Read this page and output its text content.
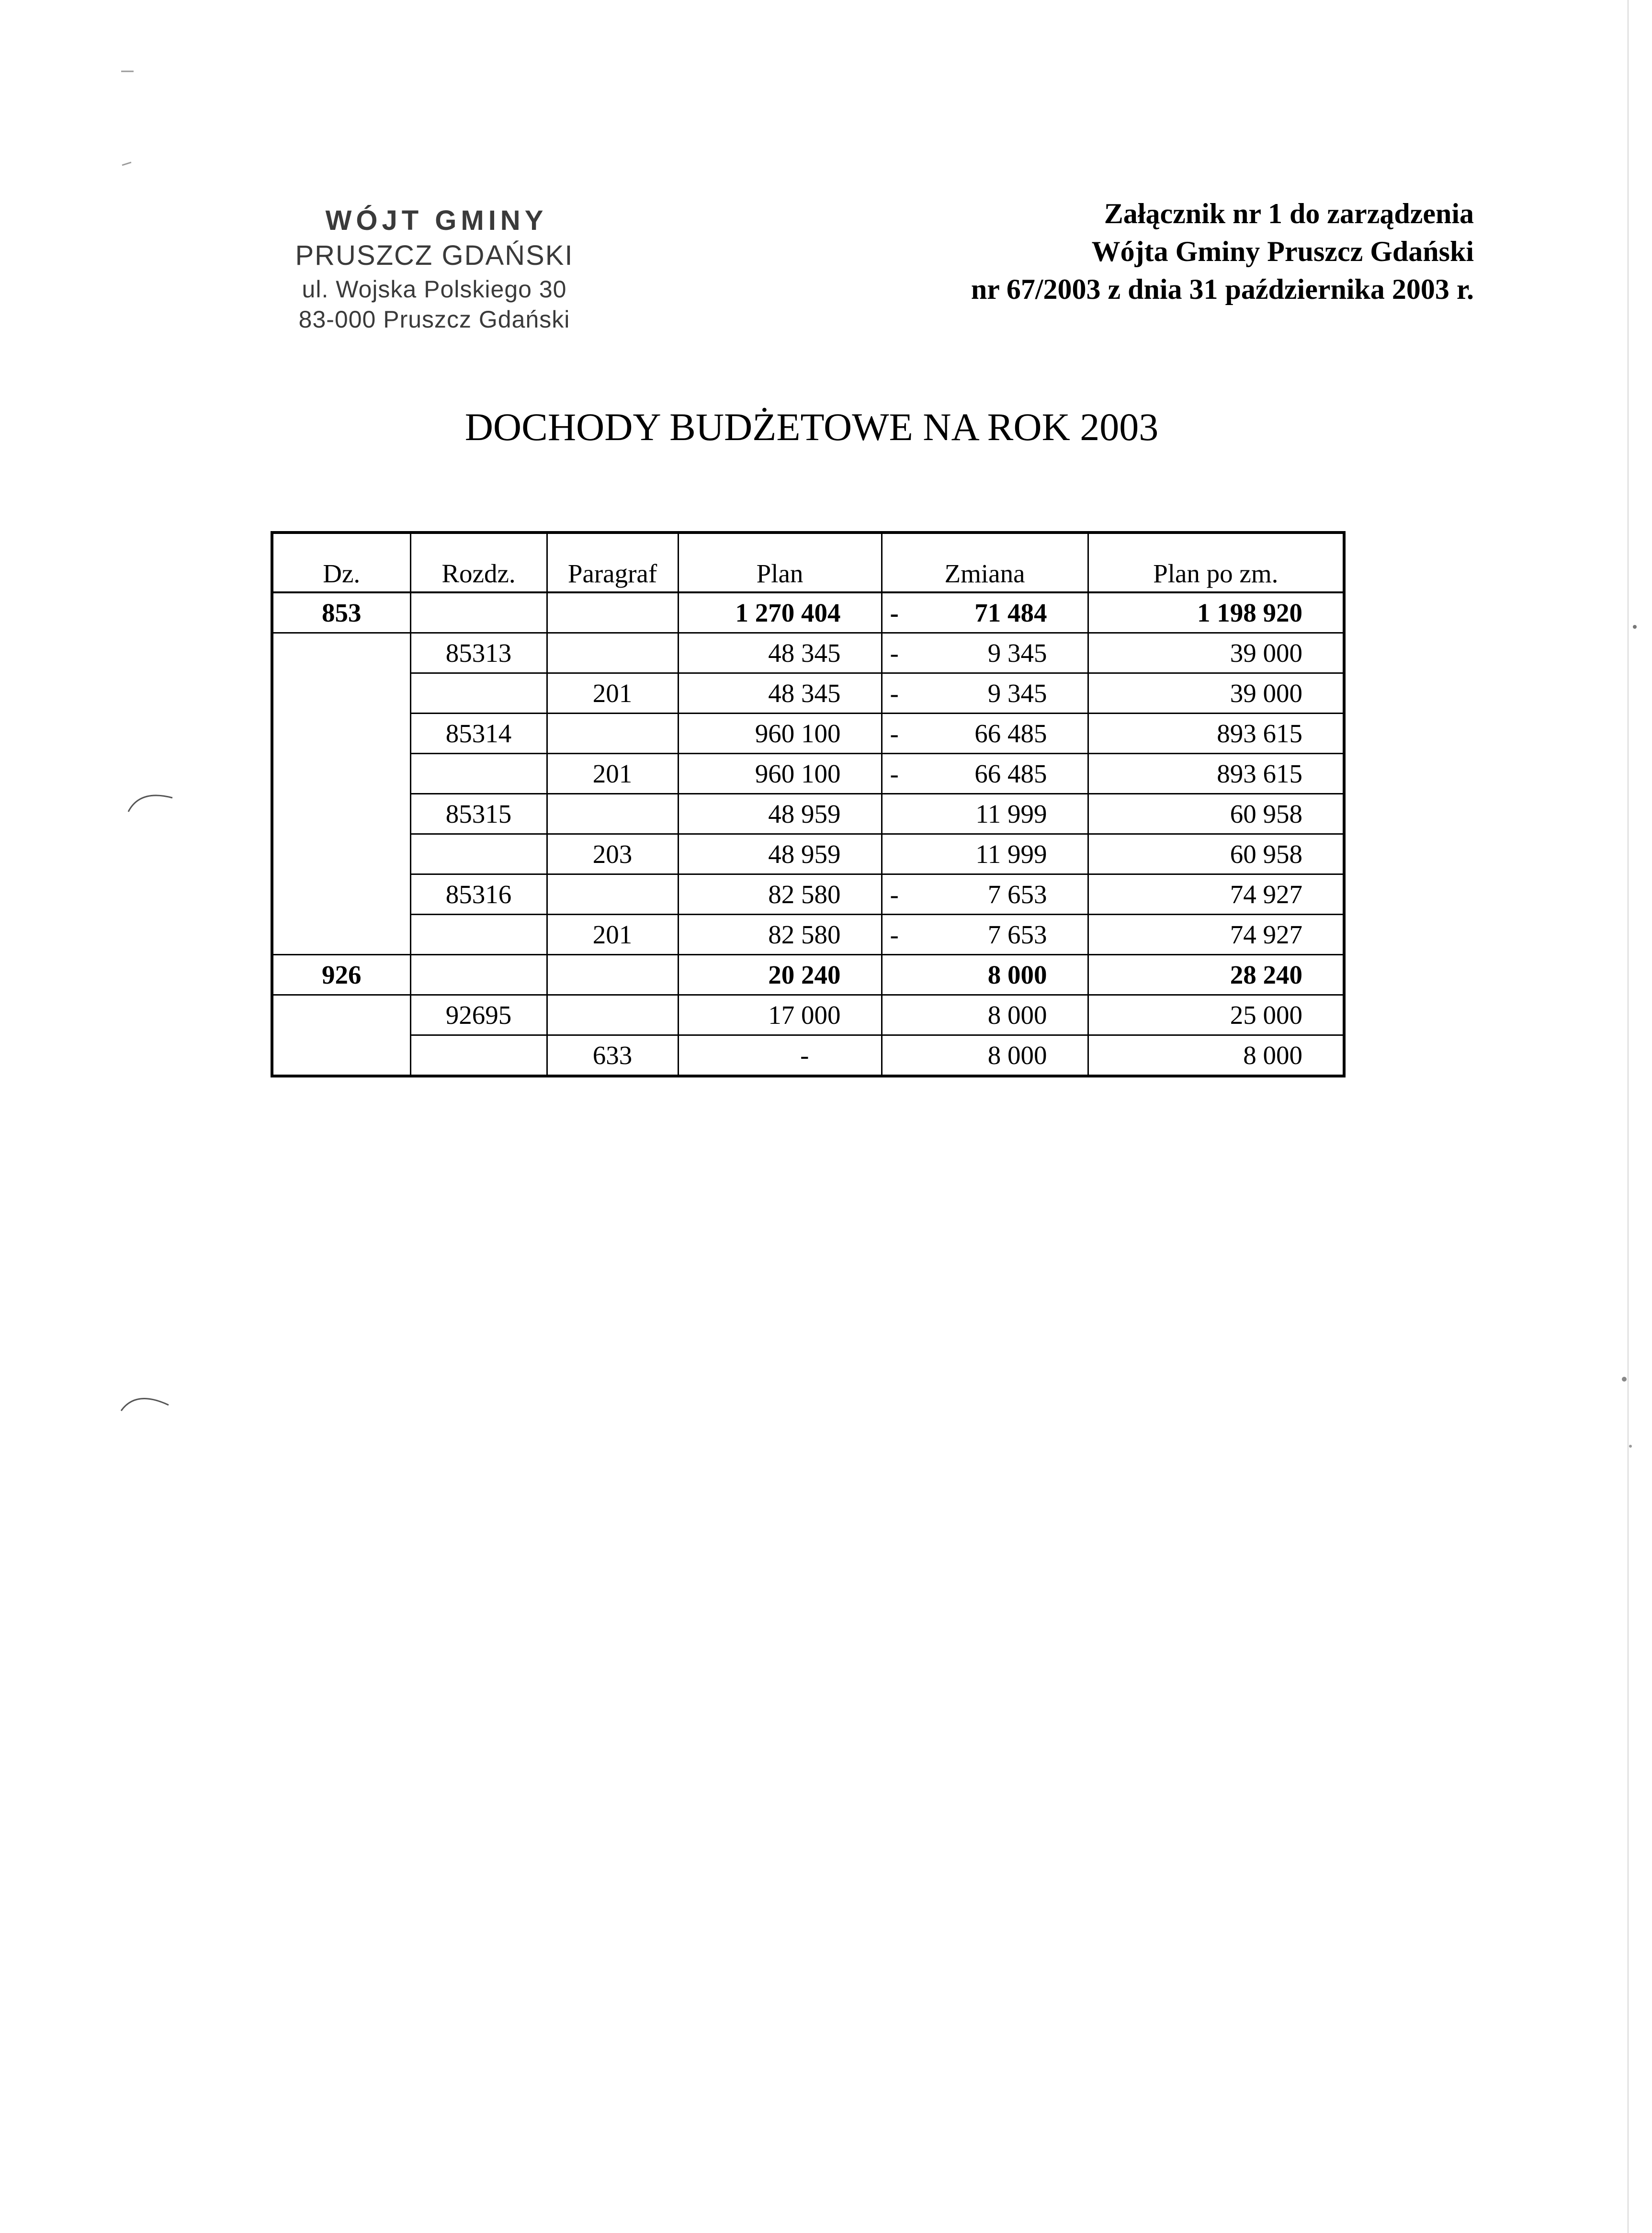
WÓJT GMINY
PRUSZCZ GDAŃSKI
ul. Wojska Polskiego 30
83-000 Pruszcz Gdański
Załącznik nr 1 do zarządzenia
Wójta Gminy Pruszcz Gdański
nr 67/2003 z dnia 31 października 2003 r.
DOCHODY BUDŻETOWE NA ROK 2003
Dz.	Rozdz.	Paragraf	Plan	Zmiana	Plan po zm.
853			1 270 404	- 71 484	1 198 920
	85313		48 345	- 9 345	39 000
		201	48 345	- 9 345	39 000
	85314		960 100	- 66 485	893 615
		201	960 100	- 66 485	893 615
	85315		48 959	11 999	60 958
		203	48 959	11 999	60 958
	85316		82 580	- 7 653	74 927
		201	82 580	- 7 653	74 927
926			20 240	8 000	28 240
	92695		17 000	8 000	25 000
		633	-	8 000	8 000
